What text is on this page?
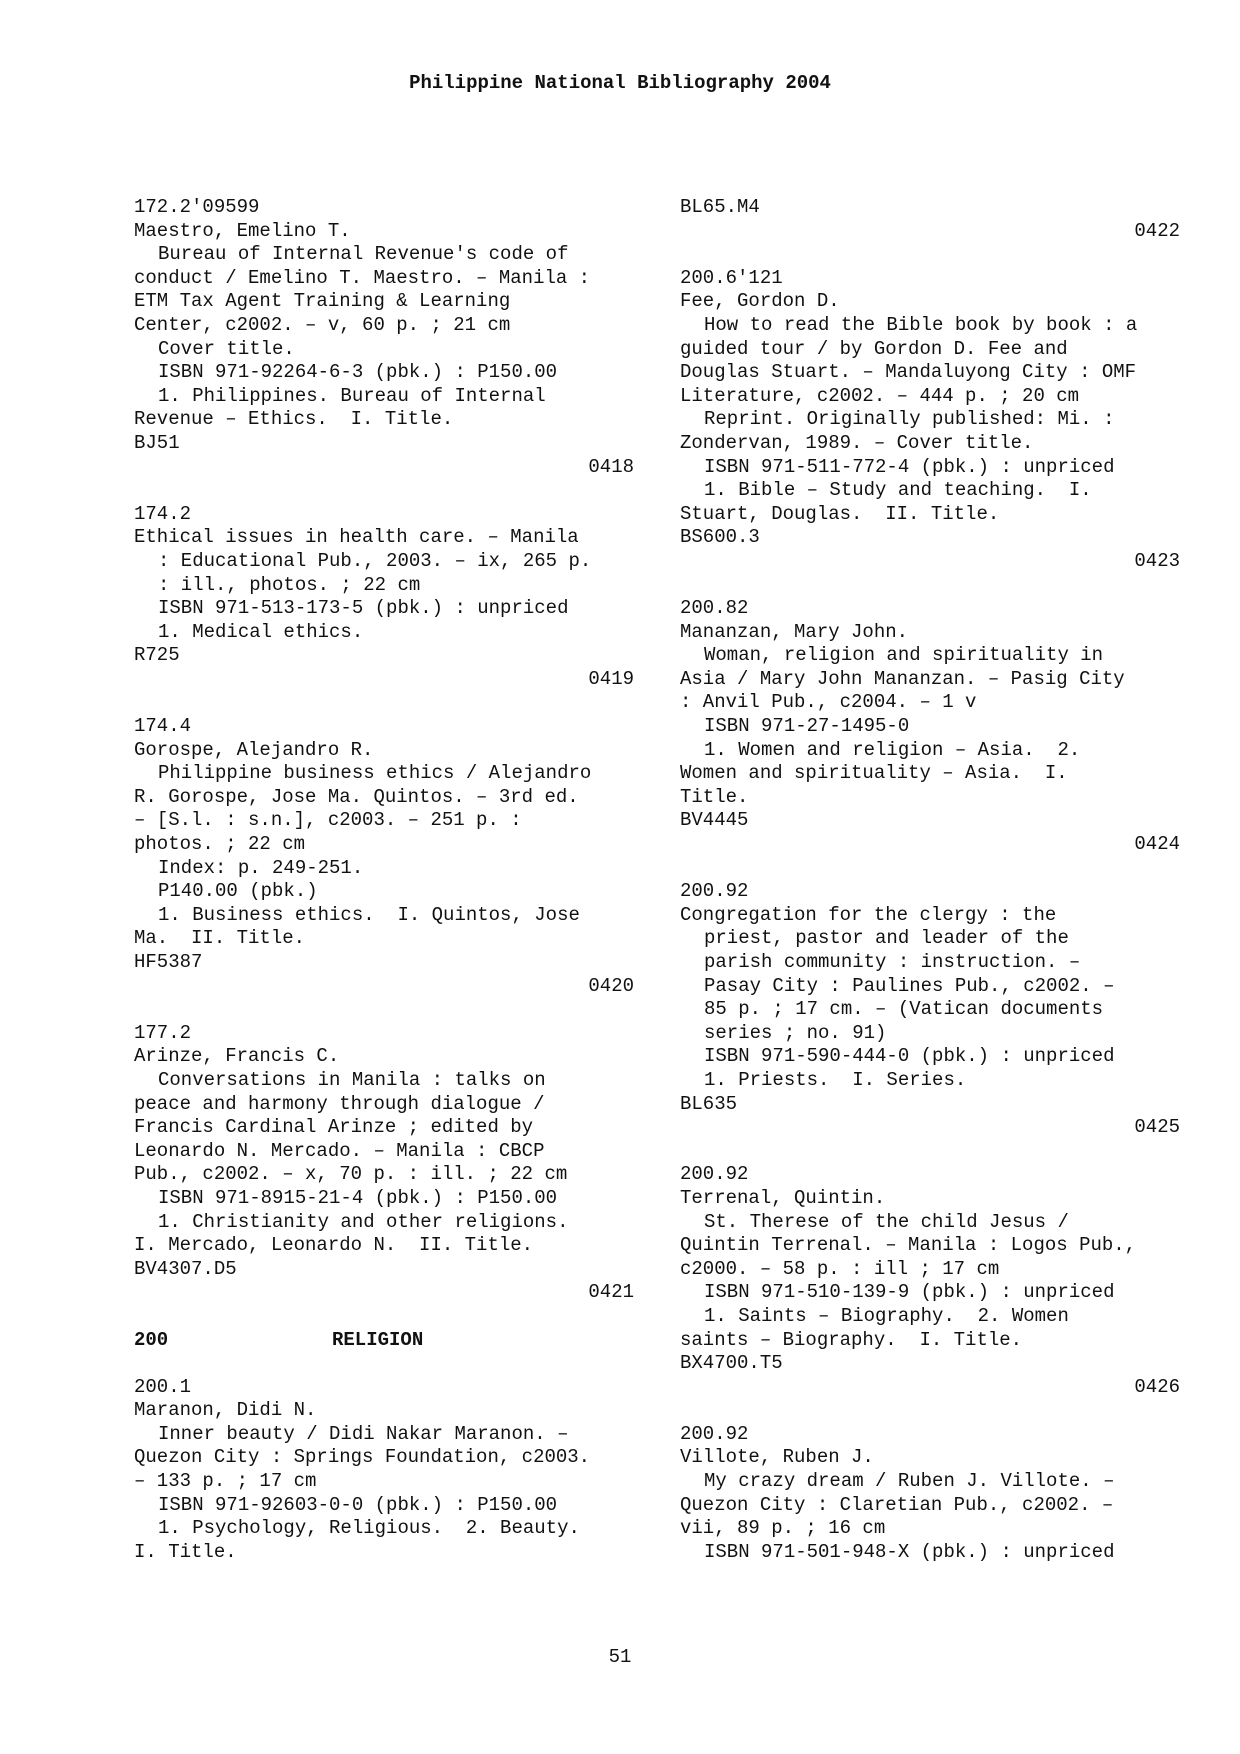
Philippine National Bibliography 2004
172.2'09599
Maestro, Emelino T.
Bureau of Internal Revenue's code of
conduct / Emelino T. Maestro. – Manila :
ETM Tax Agent Training & Learning
Center, c2002. – v, 60 p. ; 21 cm
Cover title.
ISBN 971-92264-6-3 (pbk.) : P150.00
1. Philippines. Bureau of Internal
Revenue – Ethics.  I. Title.
BJ51
0418
174.2
Ethical issues in health care. – Manila
: Educational Pub., 2003. – ix, 265 p.
: ill., photos. ; 22 cm
ISBN 971-513-173-5 (pbk.) : unpriced
1. Medical ethics.
R725
0419
174.4
Gorospe, Alejandro R.
Philippine business ethics / Alejandro
R. Gorospe, Jose Ma. Quintos. – 3rd ed.
– [S.l. : s.n.], c2003. – 251 p. :
photos. ; 22 cm
Index: p. 249-251.
P140.00 (pbk.)
1. Business ethics.  I. Quintos, Jose
Ma.  II. Title.
HF5387
0420
177.2
Arinze, Francis C.
Conversations in Manila : talks on
peace and harmony through dialogue /
Francis Cardinal Arinze ; edited by
Leonardo N. Mercado. – Manila : CBCP
Pub., c2002. – x, 70 p. : ill. ; 22 cm
ISBN 971-8915-21-4 (pbk.) : P150.00
1. Christianity and other religions.
I. Mercado, Leonardo N.  II. Title.
BV4307.D5
0421
200	RELIGION
200.1
Maranon, Didi N.
Inner beauty / Didi Nakar Maranon. –
Quezon City : Springs Foundation, c2003.
– 133 p. ; 17 cm
ISBN 971-92603-0-0 (pbk.) : P150.00
1. Psychology, Religious.  2. Beauty.
I. Title.
BL65.M4
0422
200.6'121
Fee, Gordon D.
How to read the Bible book by book : a
guided tour / by Gordon D. Fee and
Douglas Stuart. – Mandaluyong City : OMF
Literature, c2002. – 444 p. ; 20 cm
Reprint. Originally published: Mi. :
Zondervan, 1989. – Cover title.
ISBN 971-511-772-4 (pbk.) : unpriced
1. Bible – Study and teaching.  I.
Stuart, Douglas.  II. Title.
BS600.3
0423
200.82
Mananzan, Mary John.
Woman, religion and spirituality in
Asia / Mary John Mananzan. – Pasig City
: Anvil Pub., c2004. – 1 v
ISBN 971-27-1495-0
1. Women and religion – Asia.  2.
Women and spirituality – Asia.  I.
Title.
BV4445
0424
200.92
Congregation for the clergy : the
priest, pastor and leader of the
parish community : instruction. –
Pasay City : Paulines Pub., c2002. –
85 p. ; 17 cm. – (Vatican documents
series ; no. 91)
ISBN 971-590-444-0 (pbk.) : unpriced
1. Priests.  I. Series.
BL635
0425
200.92
Terrenal, Quintin.
St. Therese of the child Jesus /
Quintin Terrenal. – Manila : Logos Pub.,
c2000. – 58 p. : ill ; 17 cm
ISBN 971-510-139-9 (pbk.) : unpriced
1. Saints – Biography.  2. Women
saints – Biography.  I. Title.
BX4700.T5
0426
200.92
Villote, Ruben J.
My crazy dream / Ruben J. Villote. –
Quezon City : Claretian Pub., c2002. –
vii, 89 p. ; 16 cm
ISBN 971-501-948-X (pbk.) : unpriced
51
